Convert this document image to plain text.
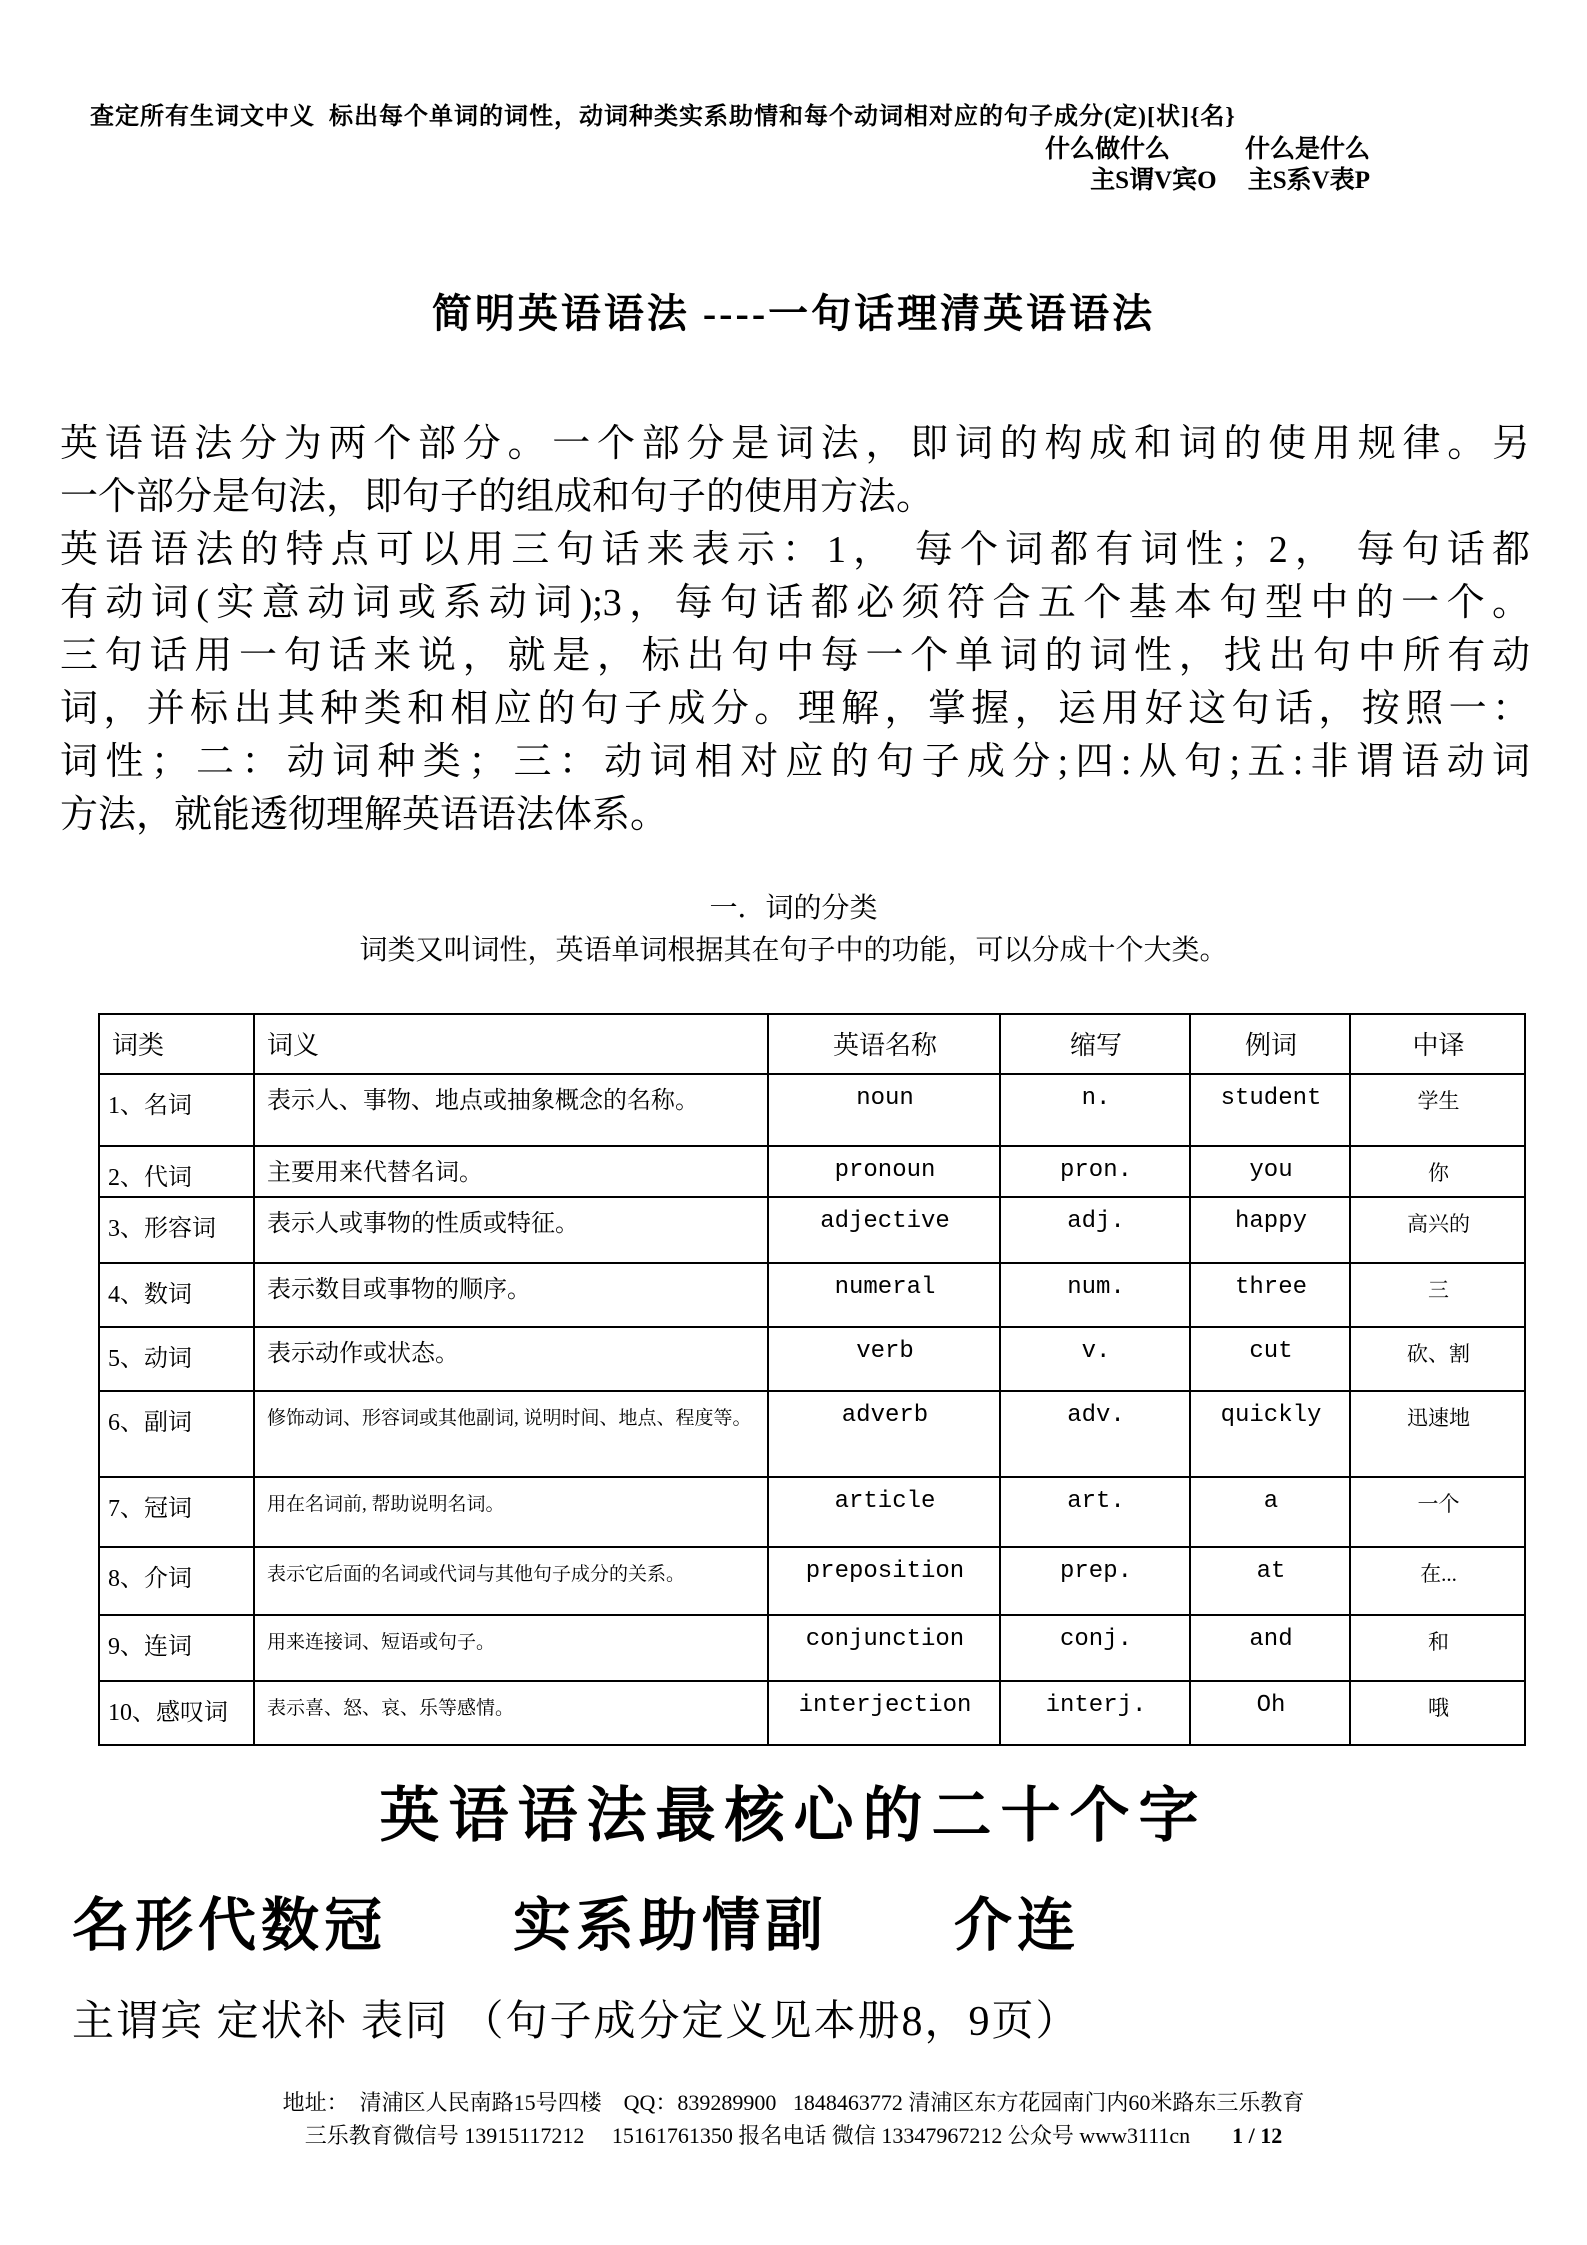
查定所有生词文中义  标出每个单词的词性，动词种类实系助情和每个动词相对应的句子成分(定)[状]{名}
什么做什么　　　什么是什么
主S谓V宾O　 主S系V表P
简明英语语法 ----一句话理清英语语法
英语语法分为两个部分。一个部分是词法，即词的构成和词的使用规律。另
一个部分是句法，即句子的组成和句子的使用方法。
英语语法的特点可以用三句话来表示：1， 每个词都有词性；2， 每句话都
有动词(实意动词或系动词);3，每句话都必须符合五个基本句型中的一个。
三句话用一句话来说，就是，标出句中每一个单词的词性，找出句中所有动
词，并标出其种类和相应的句子成分。理解，掌握，运用好这句话，按照一：
词性；二：动词种类；三：动词相对应的句子成分;四:从句;五:非谓语动词
方法，就能透彻理解英语语法体系。
一．词的分类
词类又叫词性，英语单词根据其在句子中的功能，可以分成十个大类。
词类	词义	英语名称	缩写	例词	中译
1、名词	表示人、事物、地点或抽象概念的名称。	noun	n.	student	学生
2、代词	主要用来代替名词。	pronoun	pron.	you	你
3、形容词	表示人或事物的性质或特征。	adjective	adj.	happy	高兴的
4、数词	表示数目或事物的顺序。	numeral	num.	three	三
5、动词	表示动作或状态。	verb	v.	cut	砍、割
6、副词	修饰动词、形容词或其他副词, 说明时间、地点、程度等。	adverb	adv.	quickly	迅速地
7、冠词	用在名词前, 帮助说明名词。	article	art.	a	一个
8、介词	表示它后面的名词或代词与其他句子成分的关系。	preposition	prep.	at	在...
9、连词	用来连接词、短语或句子。	conjunction	conj.	and	和
10、感叹词	表示喜、怒、哀、乐等感情。	interjection	interj.	Oh	哦
英语语法最核心的二十个字
名形代数冠　　实系助情副　　介连
主谓宾 定状补 表同 （句子成分定义见本册8，9页）
地址：  清浦区人民南路15号四楼    QQ：839289900   1848463772 清浦区东方花园南门内60米路东三乐教育
三乐教育微信号 13915117212     15161761350 报名电话 微信 13347967212 公众号 www3111cn 1 / 12
